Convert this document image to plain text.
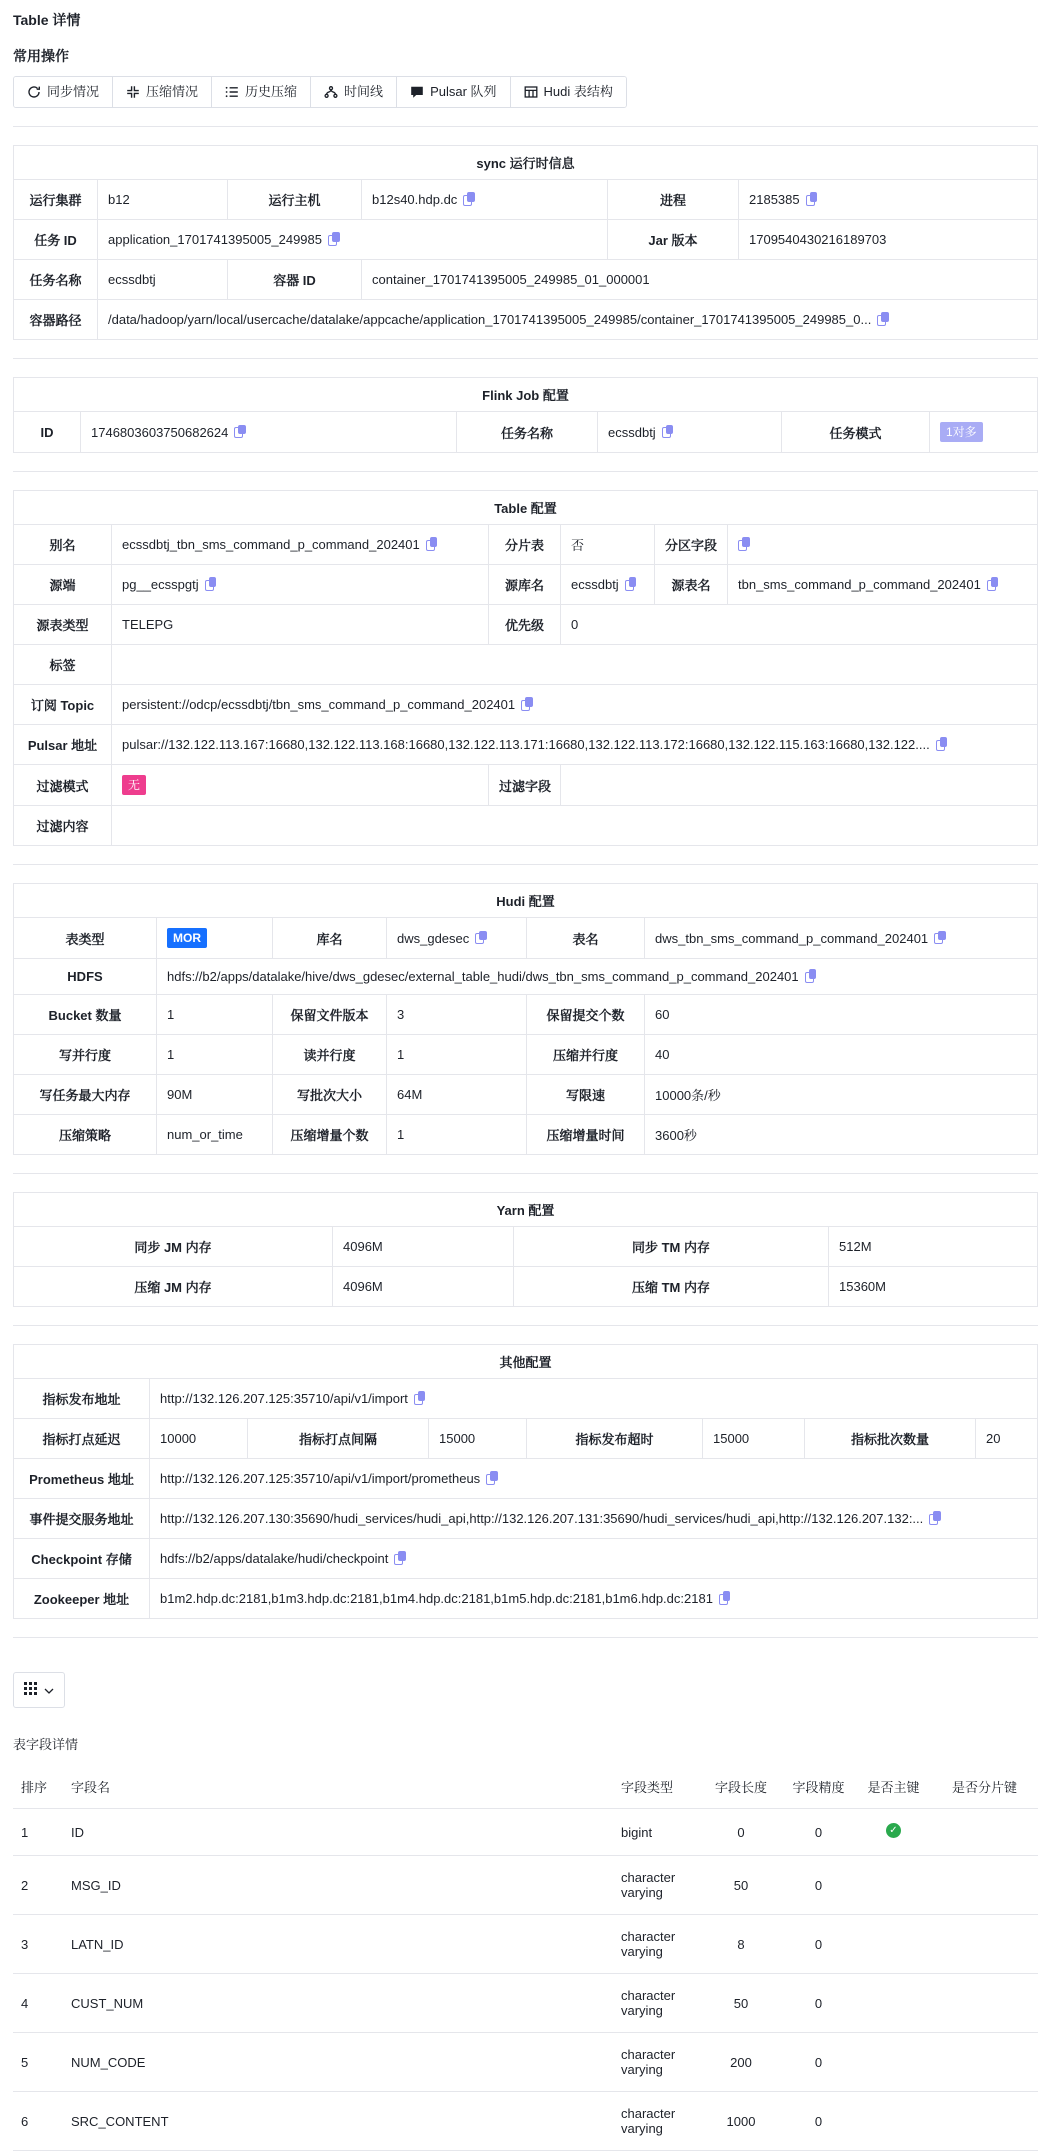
Table 详情
常用操作
同步情况	压缩情况	历史压缩	时间线	Pulsar 队列	Hudi 表结构
sync 运行时信息					
运行集群	b12	运行主机	b12s40.hdp.dc	进程	2185385
任务 ID	application_1701741395005_249985			Jar 版本	1709540430216189703
任务名称	ecssdbtj	容器 ID	container_1701741395005_249985_01_000001		
容器路径	/data/hadoop/yarn/local/usercache/datalake/appcache/application_1701741395005_249985/container_1701741395005_249985_0...				
Flink Job 配置
ID	1746803603750682624	任务名称	ecssdbtj	任务模式	1对多
Table 配置					
别名	ecssdbtj_tbn_sms_command_p_command_202401	分片表	否	分区字段	
源端	pg__ecsspgtj	源库名	ecssdbtj	源表名	tbn_sms_command_p_command_202401
源表类型	TELEPG	优先级	0		
标签					
订阅 Topic	persistent://odcp/ecssdbtj/tbn_sms_command_p_command_202401				
Pulsar 地址	pulsar://132.122.113.167:16680,132.122.113.168:16680,132.122.113.171:16680,132.122.113.172:16680,132.122.115.163:16680,132.122....				
过滤模式	无	过滤字段			
过滤内容					
Hudi 配置					
表类型	MOR	库名	dws_gdesec	表名	dws_tbn_sms_command_p_command_202401
HDFS	hdfs://b2/apps/datalake/hive/dws_gdesec/external_table_hudi/dws_tbn_sms_command_p_command_202401				
Bucket 数量	1	保留文件版本	3	保留提交个数	60
写并行度	1	读并行度	1	压缩并行度	40
写任务最大内存	90M	写批次大小	64M	写限速	10000条/秒
压缩策略	num_or_time	压缩增量个数	1	压缩增量时间	3600秒
Yarn 配置			
同步 JM 内存	4096M	同步 TM 内存	512M
压缩 JM 内存	4096M	压缩 TM 内存	15360M
其他配置							
指标发布地址	http://132.126.207.125:35710/api/v1/import						
指标打点延迟	10000	指标打点间隔	15000	指标发布超时	15000	指标批次数量	20
Prometheus 地址	http://132.126.207.125:35710/api/v1/import/prometheus						
事件提交服务地址	http://132.126.207.130:35690/hudi_services/hudi_api,http://132.126.207.131:35690/hudi_services/hudi_api,http://132.126.207.132:...						
Checkpoint 存储	hdfs://b2/apps/datalake/hudi/checkpoint						
Zookeeper 地址	b1m2.hdp.dc:2181,b1m3.hdp.dc:2181,b1m4.hdp.dc:2181,b1m5.hdp.dc:2181,b1m6.hdp.dc:2181						
表字段详情
排序	字段名	字段类型	字段长度	字段精度	是否主键	是否分片键
1	ID	bigint	0	0	✓	
2	MSG_ID	character varying	50	0		
3	LATN_ID	character varying	8	0		
4	CUST_NUM	character varying	50	0		
5	NUM_CODE	character varying	200	0		
6	SRC_CONTENT	character varying	1000	0		
